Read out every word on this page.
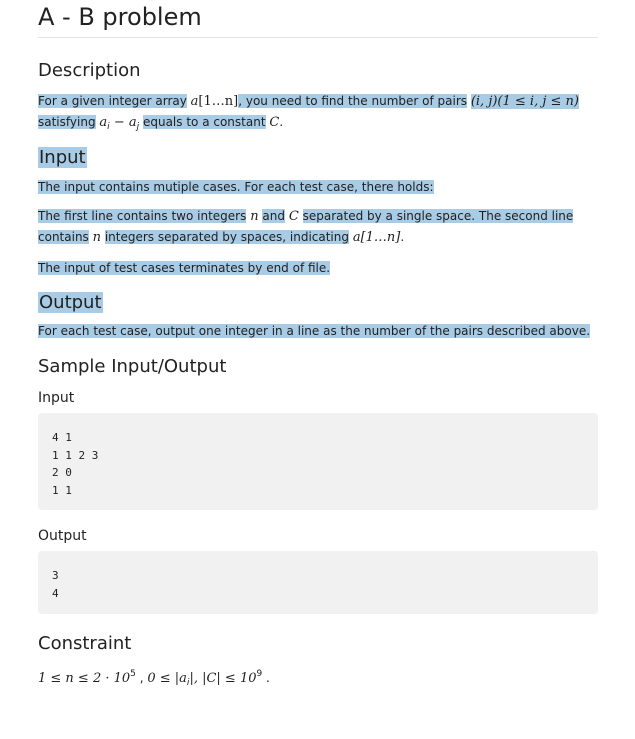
A - B problem
Description
For a given integer array a[1…n], you need to find the number of pairs (i, j)(1 ≤ i, j ≤ n)
satisfying $a_i - a_j$ equals to a constant C.
Input
The input contains mutiple cases. For each test case, there holds:
The first line contains two integers n and C separated by a single space. The second line
contains n integers separated by spaces, indicating a[1…n].
The input of test cases terminates by end of file.
Output
For each test case, output one integer in a line as the number of the pairs described above.
Sample Input/Output
Input
4 1
1 1 2 3
2 0
1 1
Output
3
4
Constraint
$1 \le n \le 2 \cdot 10^5$ , $0 \le |a_i|$, $|C| \le 10^9$ .
